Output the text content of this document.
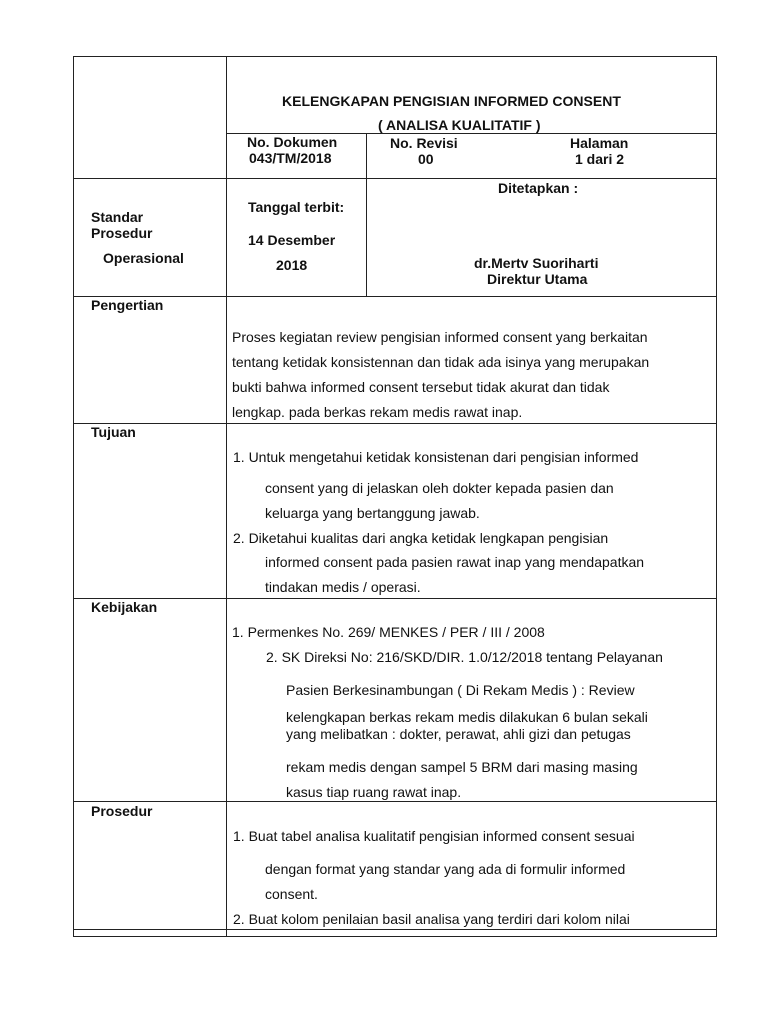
KELENGKAPAN PENGISIAN INFORMED CONSENT
( ANALISA KUALITATIF )
No. Dokumen
043/TM/2018
No. Revisi
00
Halaman
1 dari 2
Standar
Prosedur
Operasional
Tanggal terbit:
14 Desember
2018
Ditetapkan :
dr.Mertv Suoriharti
Direktur Utama
Pengertian
Proses kegiatan review pengisian informed consent yang berkaitan
tentang ketidak konsistennan dan tidak ada isinya yang merupakan
bukti bahwa informed consent tersebut tidak akurat dan tidak
lengkap. pada berkas rekam medis rawat inap.
Tujuan
1. Untuk mengetahui ketidak konsistenan dari pengisian informed
consent yang di jelaskan oleh dokter kepada pasien dan
keluarga yang bertanggung jawab.
2. Diketahui kualitas dari angka ketidak lengkapan pengisian
informed consent pada pasien rawat inap yang mendapatkan
tindakan medis / operasi.
Kebijakan
1. Permenkes No. 269/ MENKES / PER / III / 2008
2. SK Direksi No: 216/SKD/DIR. 1.0/12/2018 tentang Pelayanan
Pasien Berkesinambungan ( Di Rekam Medis ) : Review
kelengkapan berkas rekam medis dilakukan 6 bulan sekali
yang melibatkan : dokter, perawat, ahli gizi dan petugas
rekam medis dengan sampel 5 BRM dari masing masing
kasus tiap ruang rawat inap.
Prosedur
1. Buat tabel analisa kualitatif pengisian informed consent sesuai
dengan format yang standar yang ada di formulir informed
consent.
2. Buat kolom penilaian basil analisa yang terdiri dari kolom nilai
